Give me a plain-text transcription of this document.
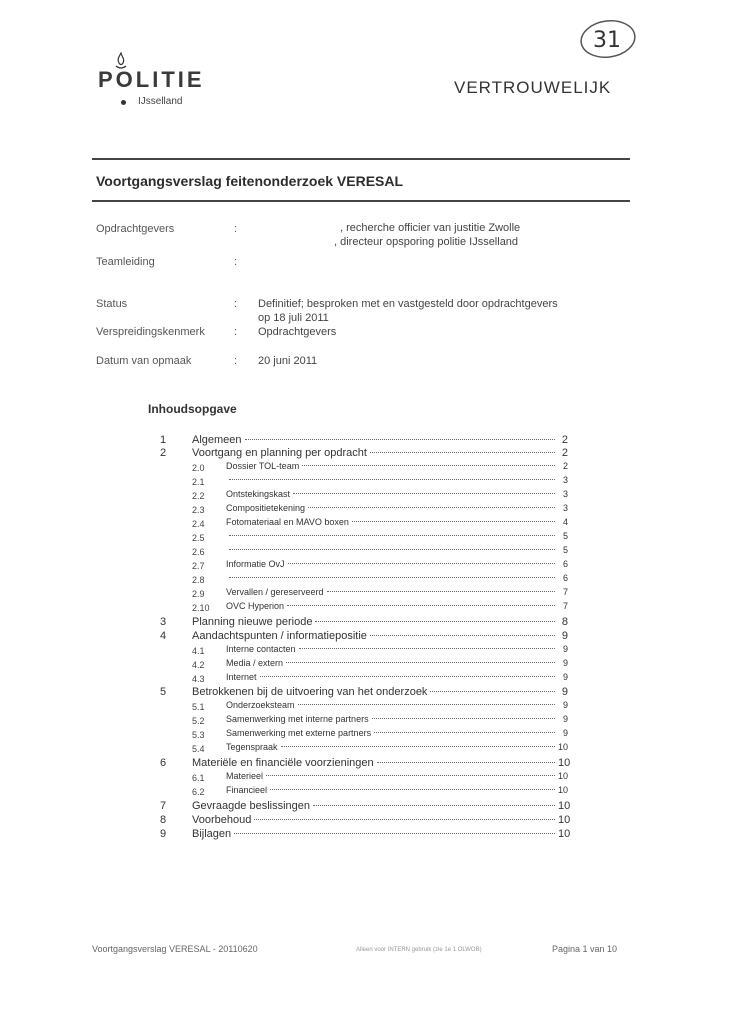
POLITIE
IJsselland
31
VERTROUWELIJK
Voortgangsverslag feitenonderzoek VERESAL
Opdrachtgevers	:	, recherche officier van justitie Zwolle
, directeur opsporing politie IJsselland
Teamleiding	:
Status	: Definitief; besproken met en vastgesteld door opdrachtgevers
op 18 juli 2011
Verspreidingskenmerk	: Opdrachtgevers
Datum van opmaak	: 20 juni 2011
Inhoudsopgave
1 Algemeen	2
2 Voortgang en planning per opdracht	2
2.0 Dossier TOL-team	2
2.1	3
2.2 Ontstekingskast	3
2.3 Compositietekening	3
2.4 Fotomateriaal en MAVO boxen	4
2.5	5
2.6	5
2.7 Informatie OvJ	6
2.8	6
2.9 Vervallen / gereserveerd	7
2.10 OVC Hyperion	7
3 Planning nieuwe periode	8
4 Aandachtspunten / informatiepositie	9
4.1 Interne contacten	9
4.2 Media / extern	9
4.3 Internet	9
5 Betrokkenen bij de uitvoering van het onderzoek	9
5.1 Onderzoeksteam	9
5.2 Samenwerking met interne partners	9
5.3 Samenwerking met externe partners	9
5.4 Tegenspraak	10
6 Materiële en financiële voorzieningen	10
6.1 Materieel	10
6.2 Financieel	10
7 Gevraagde beslissingen	10
8 Voorbehoud	10
9 Bijlagen	10
Voortgangsverslag VERESAL - 20110620	Alleen voor INTERN gebruik (zie 1e 1 OLWOB)	Pagina 1 van 10
